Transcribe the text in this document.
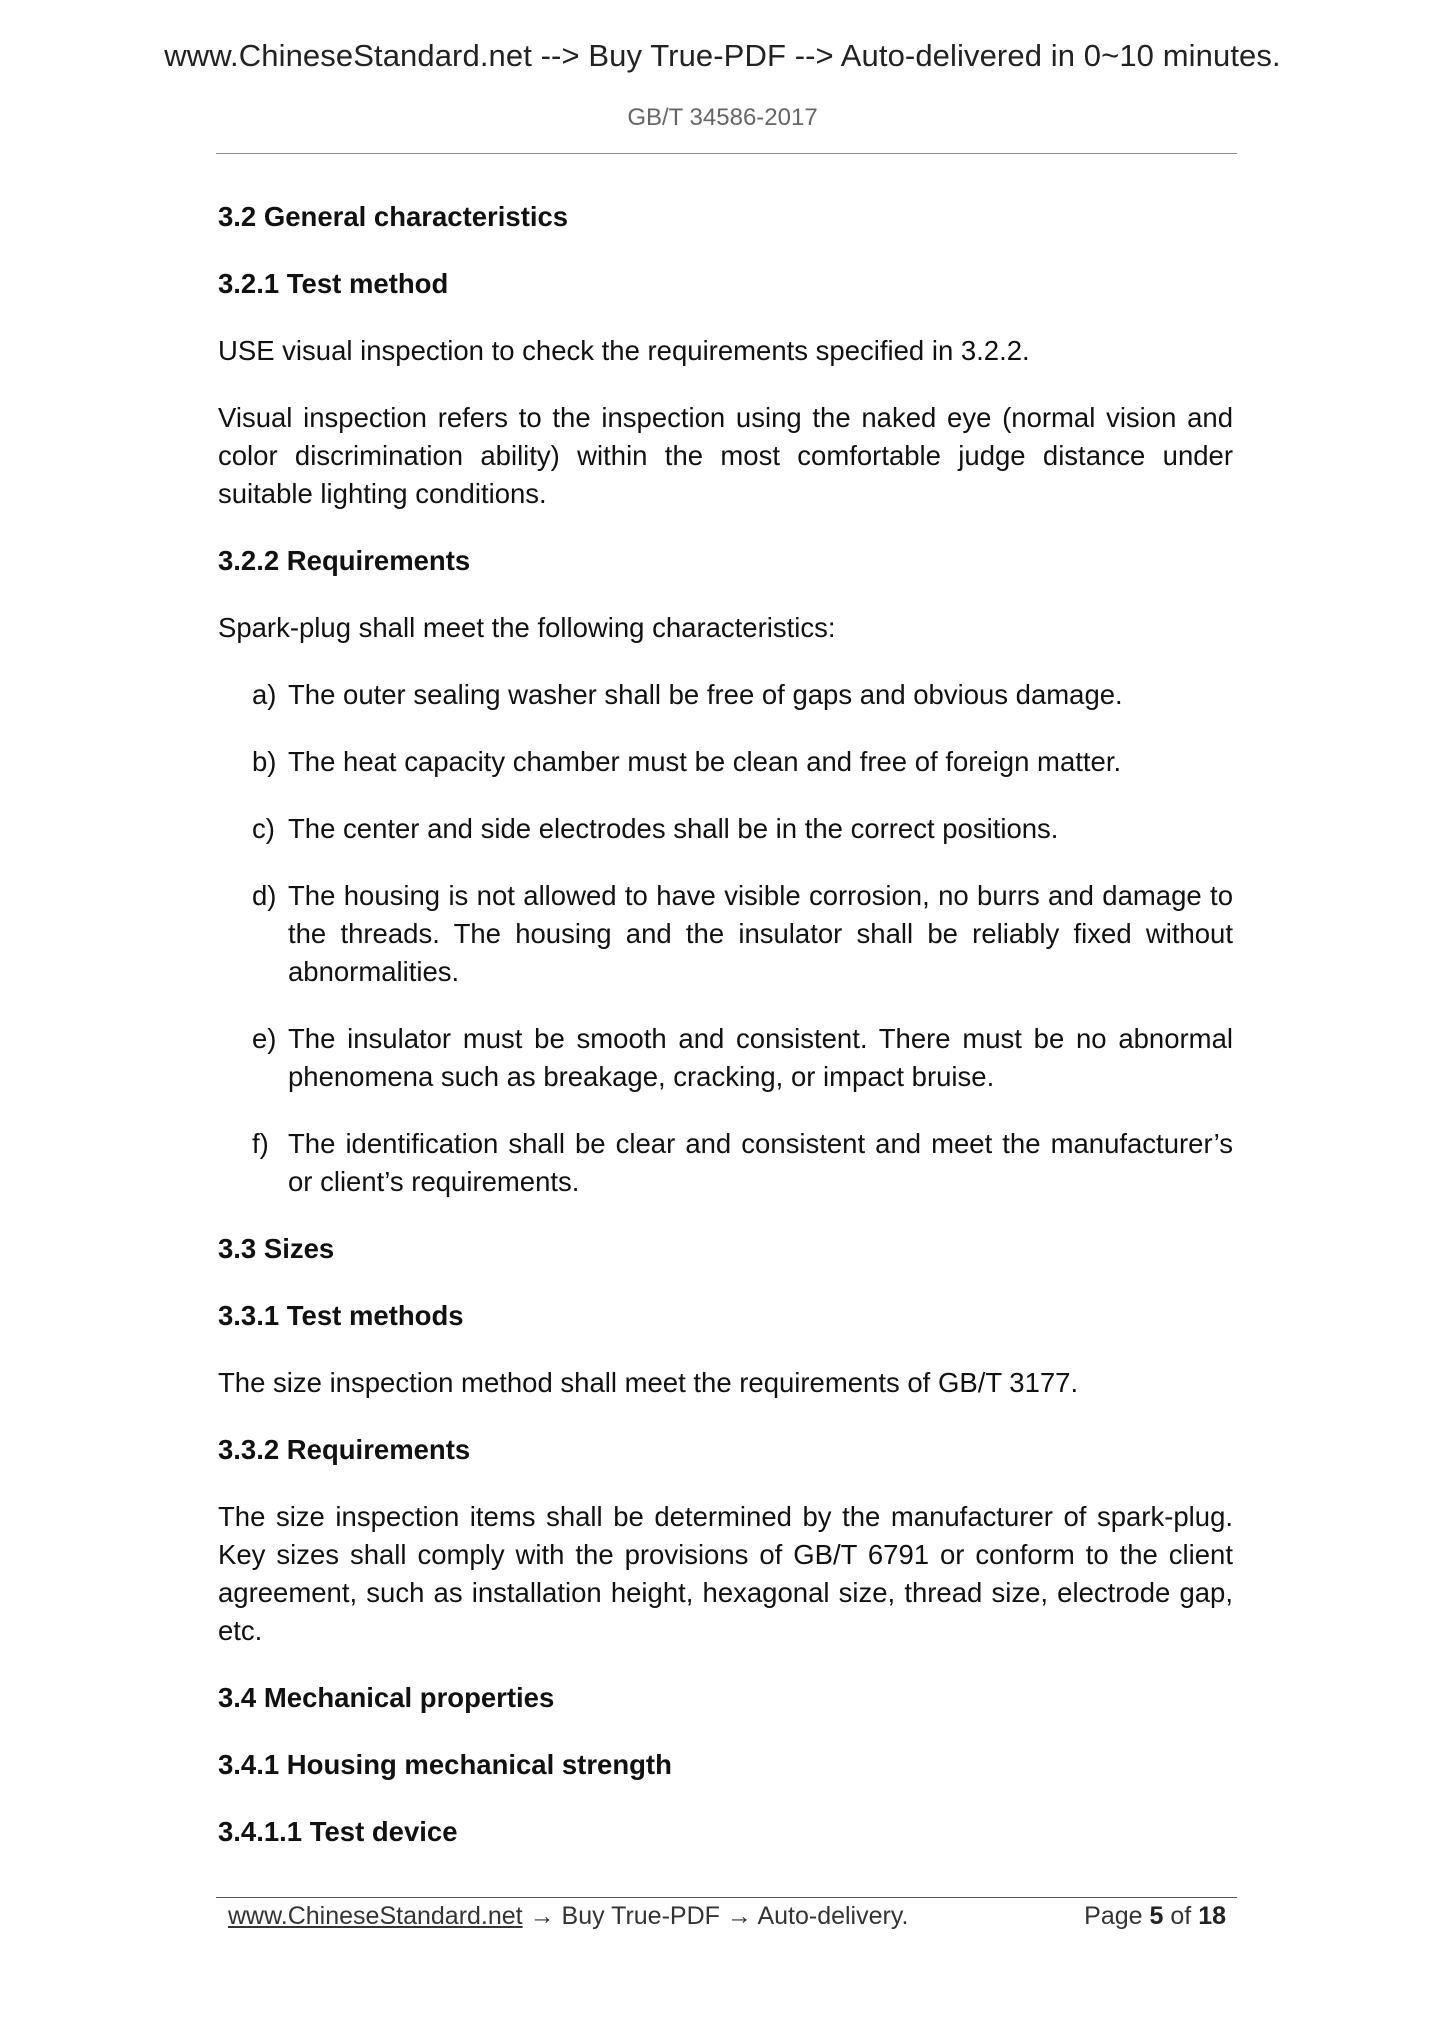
www.ChineseStandard.net --> Buy True-PDF --> Auto-delivered in 0~10 minutes.
GB/T 34586-2017

3.2 General characteristics

3.2.1 Test method

USE visual inspection to check the requirements specified in 3.2.2.

Visual inspection refers to the inspection using the naked eye (normal vision and color discrimination ability) within the most comfortable judge distance under suitable lighting conditions.

3.2.2 Requirements

Spark-plug shall meet the following characteristics:

a) The outer sealing washer shall be free of gaps and obvious damage.

b) The heat capacity chamber must be clean and free of foreign matter.

c) The center and side electrodes shall be in the correct positions.

d) The housing is not allowed to have visible corrosion, no burrs and damage to the threads. The housing and the insulator shall be reliably fixed without abnormalities.

e) The insulator must be smooth and consistent. There must be no abnormal phenomena such as breakage, cracking, or impact bruise.

f) The identification shall be clear and consistent and meet the manufacturer’s or client’s requirements.

3.3 Sizes

3.3.1 Test methods

The size inspection method shall meet the requirements of GB/T 3177.

3.3.2 Requirements

The size inspection items shall be determined by the manufacturer of spark-plug. Key sizes shall comply with the provisions of GB/T 6791 or conform to the client agreement, such as installation height, hexagonal size, thread size, electrode gap, etc.

3.4 Mechanical properties

3.4.1 Housing mechanical strength

3.4.1.1 Test device

www.ChineseStandard.net → Buy True-PDF → Auto-delivery.	Page 5 of 18
